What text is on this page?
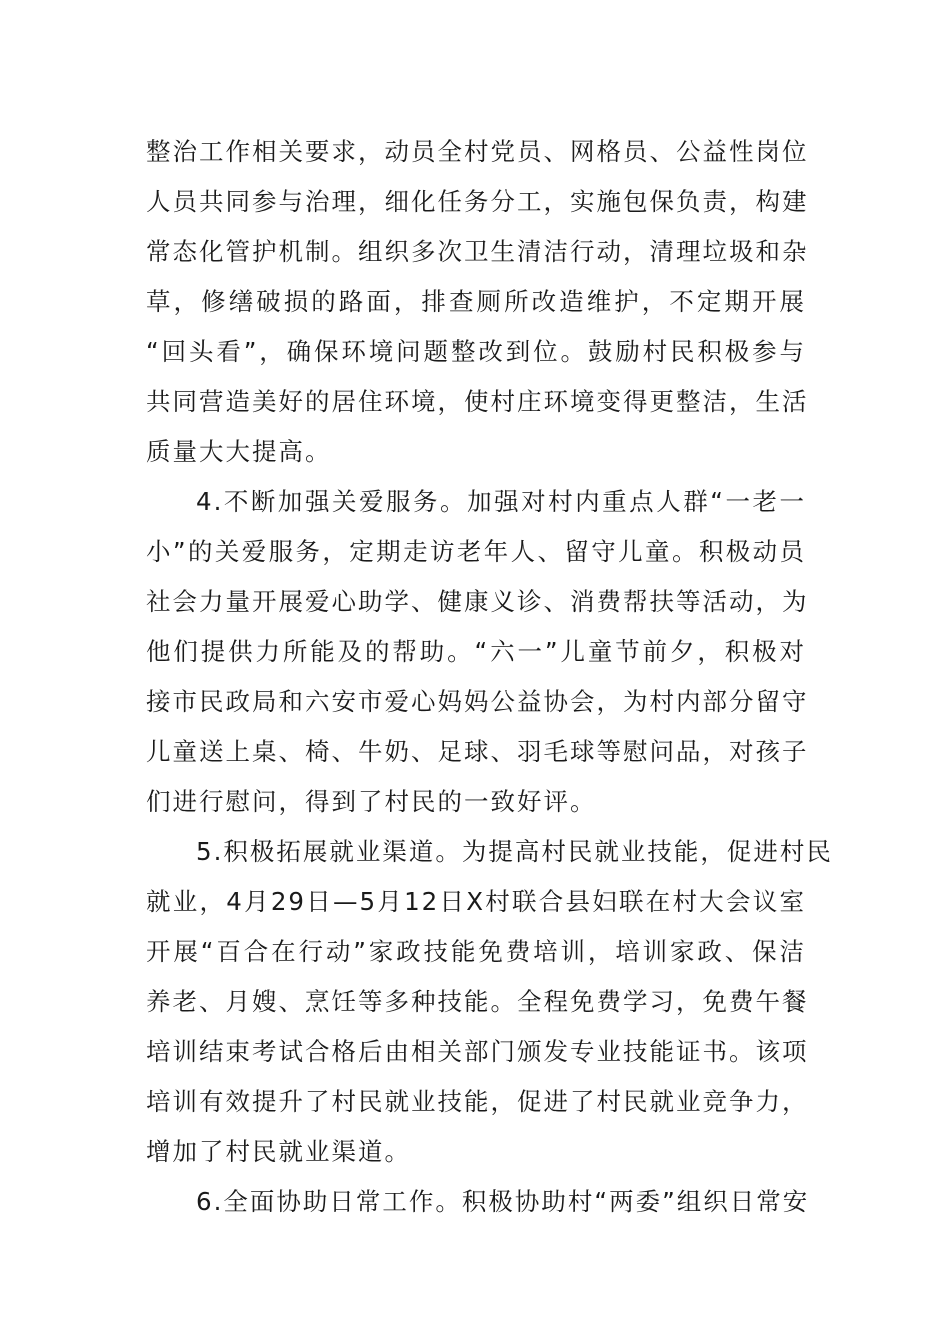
整治工作相关要求，动员全村党员、网格员、公益性岗位
人员共同参与治理，细化任务分工，实施包保负责，构建
常态化管护机制。组织多次卫生清洁行动，清理垃圾和杂
草，修缮破损的路面，排查厕所改造维护，不定期开展
“回头看”，确保环境问题整改到位。鼓励村民积极参与
共同营造美好的居住环境，使村庄环境变得更整洁，生活
质量大大提高。
4.不断加强关爱服务。加强对村内重点人群“一老一
小”的关爱服务，定期走访老年人、留守儿童。积极动员
社会力量开展爱心助学、健康义诊、消费帮扶等活动，为
他们提供力所能及的帮助。“六一”儿童节前夕，积极对
接市民政局和六安市爱心妈妈公益协会，为村内部分留守
儿童送上桌、椅、牛奶、足球、羽毛球等慰问品，对孩子
们进行慰问，得到了村民的一致好评。
5.积极拓展就业渠道。为提高村民就业技能，促进村民
就业，4月29日—5月12日X村联合县妇联在村大会议室
开展“百合在行动”家政技能免费培训，培训家政、保洁
养老、月嫂、烹饪等多种技能。全程免费学习，免费午餐
培训结束考试合格后由相关部门颁发专业技能证书。该项
培训有效提升了村民就业技能，促进了村民就业竞争力，
增加了村民就业渠道。
6.全面协助日常工作。积极协助村“两委”组织日常安
